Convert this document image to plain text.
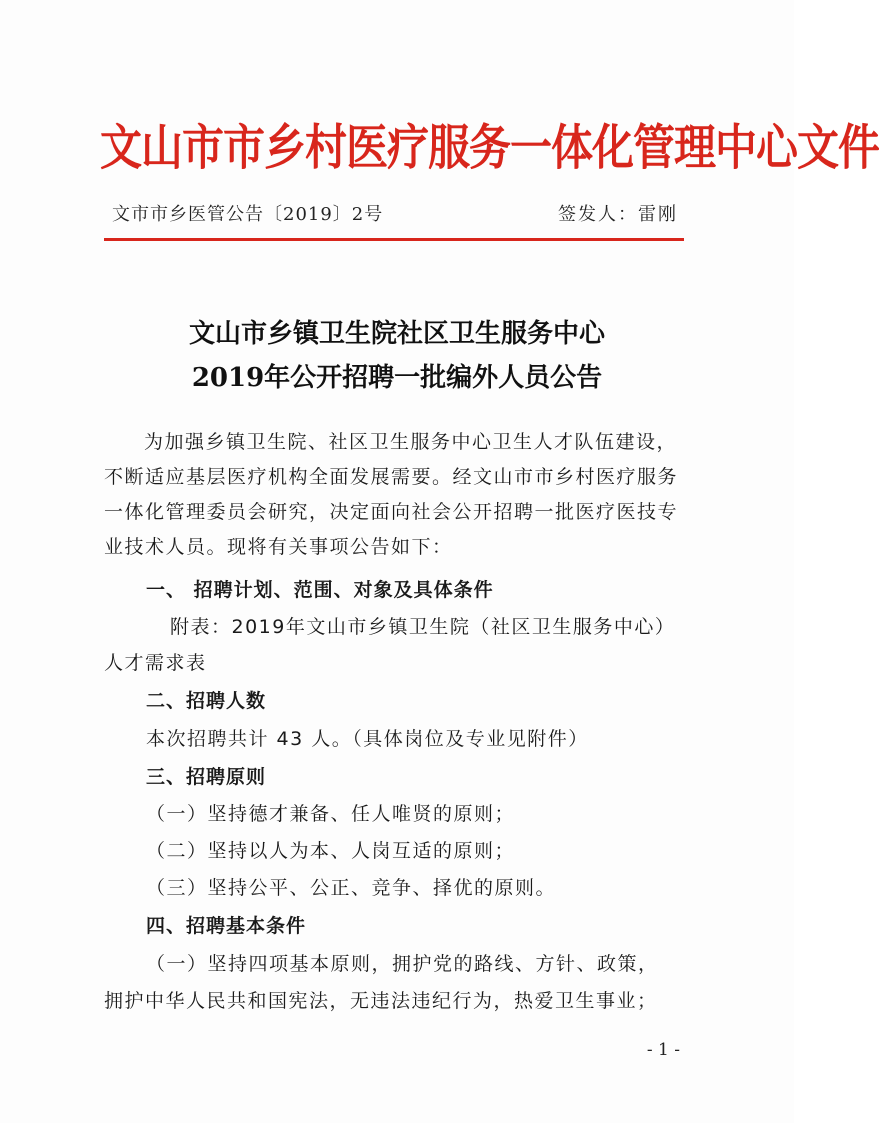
文山市市乡村医疗服务一体化管理中心文件
文市市乡医管公告〔2019〕2号	签发人：雷刚
文山市乡镇卫生院社区卫生服务中心
2019年公开招聘一批编外人员公告
为加强乡镇卫生院、社区卫生服务中心卫生人才队伍建设，不断适应基层医疗机构全面发展需要。经文山市市乡村医疗服务一体化管理委员会研究，决定面向社会公开招聘一批医疗医技专业技术人员。现将有关事项公告如下：
一、 招聘计划、范围、对象及具体条件
附表：2019年文山市乡镇卫生院（社区卫生服务中心）
人才需求表
二、招聘人数
本次招聘共计 43 人。（具体岗位及专业见附件）
三、招聘原则
（一）坚持德才兼备、任人唯贤的原则；
（二）坚持以人为本、人岗互适的原则；
（三）坚持公平、公正、竞争、择优的原则。
四、招聘基本条件
（一）坚持四项基本原则，拥护党的路线、方针、政策，
拥护中华人民共和国宪法，无违法违纪行为，热爱卫生事业；
- 1 -
